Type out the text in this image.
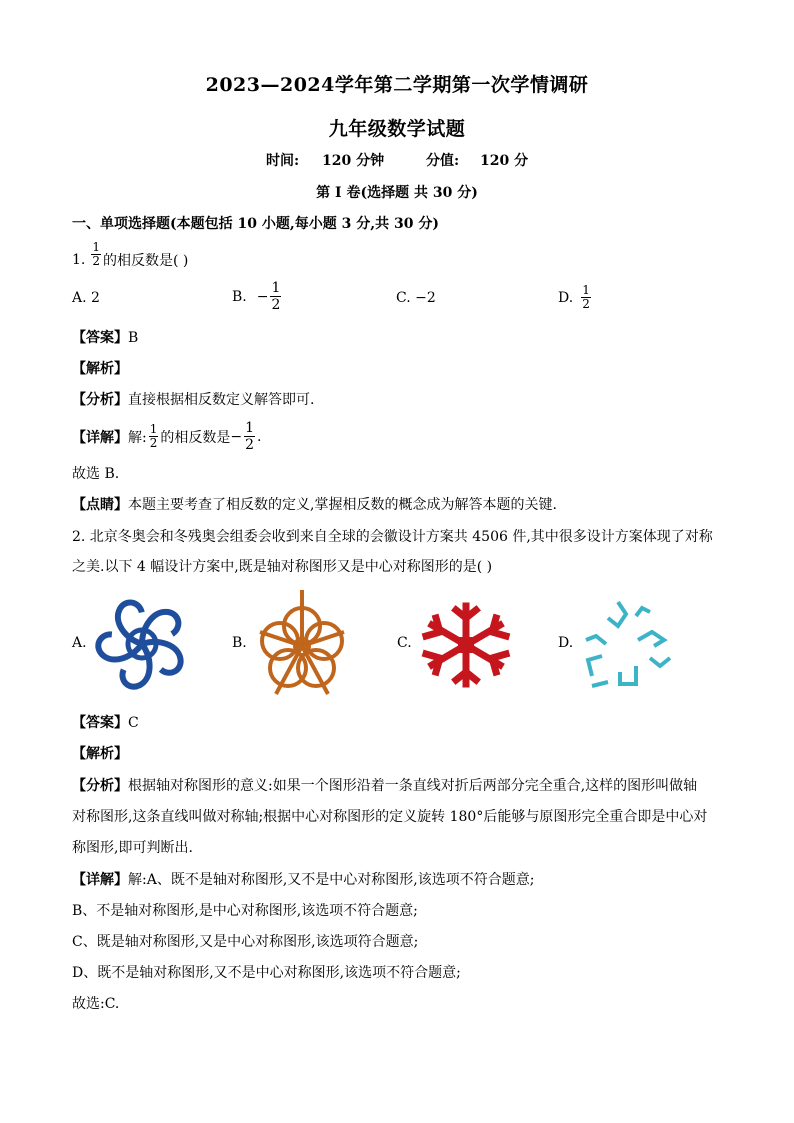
2023—2024学年第二学期第一次学情调研
九年级数学试题
时间: 120 分钟	分值: 120 分
第 I 卷(选择题 共 30 分)
一、单项选择题(本题包括 10 小题,每小题 3 分,共 30 分)
1. $\frac{1}{2}$ 的相反数是( )
A. 2	B. − $\frac{1}{2}$	C. −2	D. $\frac{1}{2}$
【答案】B
【解析】
【分析】直接根据相反数定义解答即可.
【详解】 解: $\frac{1}{2}$ 的相反数是 − $\frac{1}{2}$ .
故选 B.
【点睛】本题主要考查了相反数的定义,掌握相反数的概念成为解答本题的关键.
2. 北京冬奥会和冬残奥会组委会收到来自全球的会徽设计方案共 4506 件,其中很多设计方案体现了对称
之美.以下 4 幅设计方案中,既是轴对称图形又是中心对称图形的是( )
A.	B.	C.	D.
【答案】C
【解析】
【分析】根据轴对称图形的意义:如果一个图形沿着一条直线对折后两部分完全重合,这样的图形叫做轴
对称图形,这条直线叫做对称轴;根据中心对称图形的定义旋转 180°后能够与原图形完全重合即是中心对
称图形,即可判断出.
【详解】解:A、既不是轴对称图形,又不是中心对称图形,该选项不符合题意;
B、不是轴对称图形,是中心对称图形,该选项不符合题意;
C、既是轴对称图形,又是中心对称图形,该选项符合题意;
D、既不是轴对称图形,又不是中心对称图形,该选项不符合题意;
故选:C.
